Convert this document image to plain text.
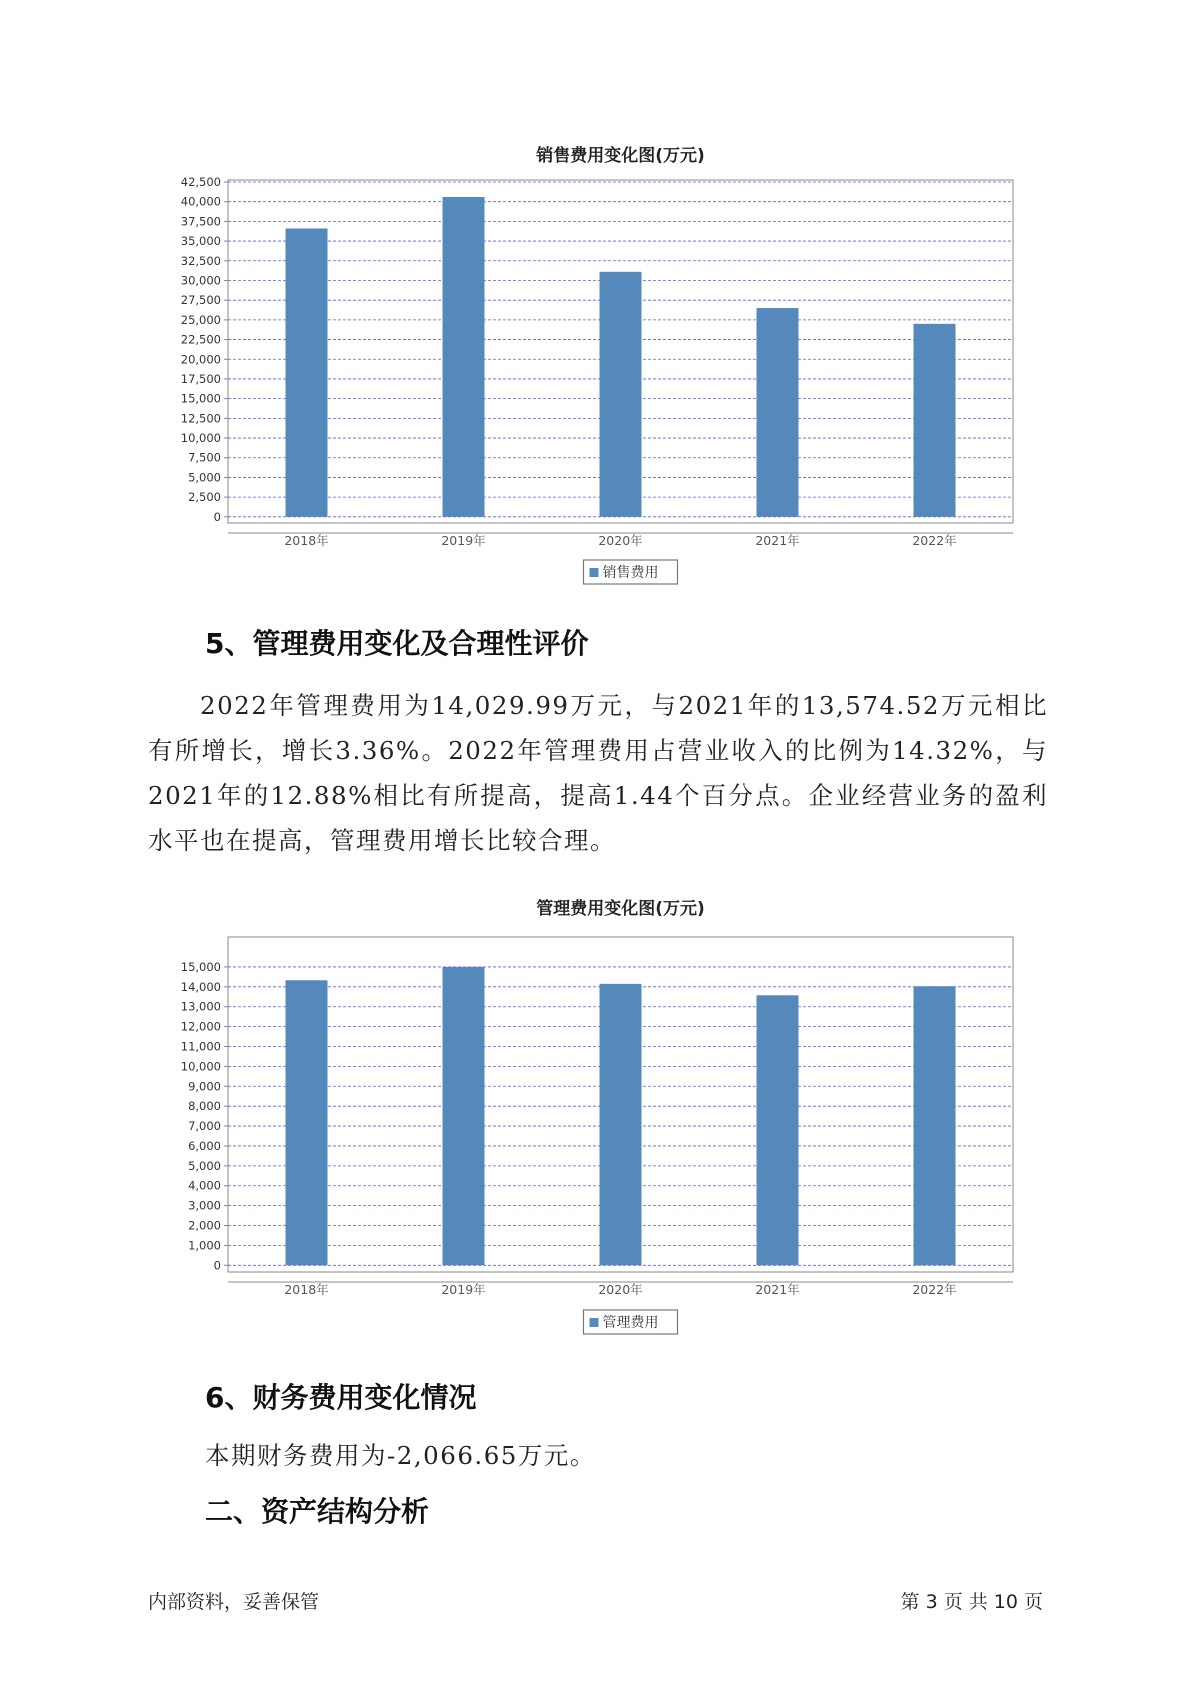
销售费用变化图(万元)
0
2,500
5,000
7,500
10,000
12,500
15,000
17,500
20,000
22,500
25,000
27,500
30,000
32,500
35,000
37,500
40,000
42,500
2018年	2019年	2020年	2021年	2022年
销售费用
5、管理费用变化及合理性评价

2022年管理费用为14,029.99万元，与2021年的13,574.52万元相比有所增长，增长3.36%。2022年管理费用占营业收入的比例为14.32%，与2021年的12.88%相比有所提高，提高1.44个百分点。企业经营业务的盈利水平也在提高，管理费用增长比较合理。

管理费用变化图(万元)
0
1,000
2,000
3,000
4,000
5,000
6,000
7,000
8,000
9,000
10,000
11,000
12,000
13,000
14,000
15,000
2018年	2019年	2020年	2021年	2022年
管理费用
6、财务费用变化情况

本期财务费用为-2,066.65万元。

二、资产结构分析
内部资料，妥善保管	第 3 页 共 10 页
